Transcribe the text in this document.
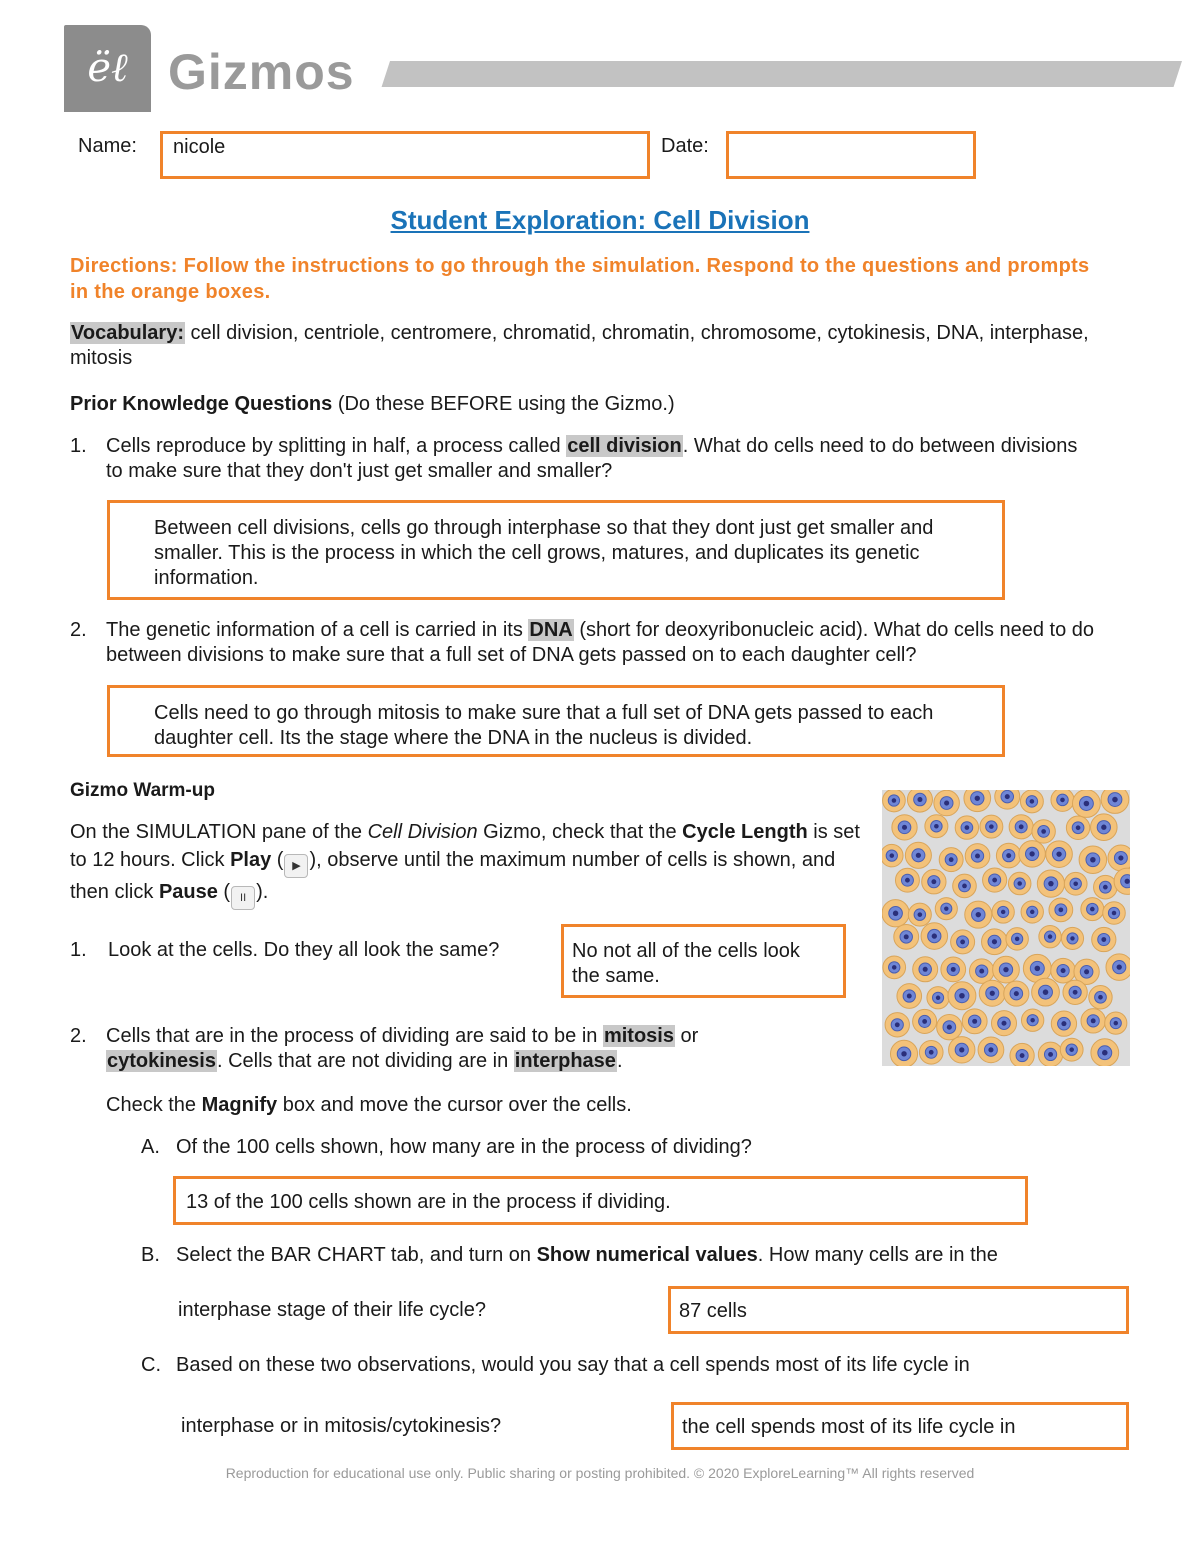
ëℓ Gizmos
Name: nicole	Date:
Student Exploration: Cell Division
Directions: Follow the instructions to go through the simulation. Respond to the questions and prompts in the orange boxes.
Vocabulary: cell division, centriole, centromere, chromatid, chromatin, chromosome, cytokinesis, DNA, interphase, mitosis
Prior Knowledge Questions (Do these BEFORE using the Gizmo.)
1. Cells reproduce by splitting in half, a process called cell division. What do cells need to do between divisions to make sure that they don't just get smaller and smaller?
Between cell divisions, cells go through interphase so that they dont just get smaller and smaller. This is the process in which the cell grows, matures, and duplicates its genetic information.
2. The genetic information of a cell is carried in its DNA (short for deoxyribonucleic acid). What do cells need to do between divisions to make sure that a full set of DNA gets passed on to each daughter cell?
Cells need to go through mitosis to make sure that a full set of DNA gets passed to each daughter cell. Its the stage where the DNA in the nucleus is divided.
Gizmo Warm-up
On the SIMULATION pane of the Cell Division Gizmo, check that the Cycle Length is set to 12 hours. Click Play ( ▶ ), observe until the maximum number of cells is shown, and then click Pause ( II ).
1. Look at the cells. Do they all look the same?	No not all of the cells look the same.
2. Cells that are in the process of dividing are said to be in mitosis or cytokinesis. Cells that are not dividing are in interphase.
Check the Magnify box and move the cursor over the cells.
A. Of the 100 cells shown, how many are in the process of dividing?
13 of the 100 cells shown are in the process if dividing.
B. Select the BAR CHART tab, and turn on Show numerical values. How many cells are in the
interphase stage of their life cycle?	87 cells
C. Based on these two observations, would you say that a cell spends most of its life cycle in
interphase or in mitosis/cytokinesis?	the cell spends most of its life cycle in
Reproduction for educational use only. Public sharing or posting prohibited. © 2020 ExploreLearning™ All rights reserved
